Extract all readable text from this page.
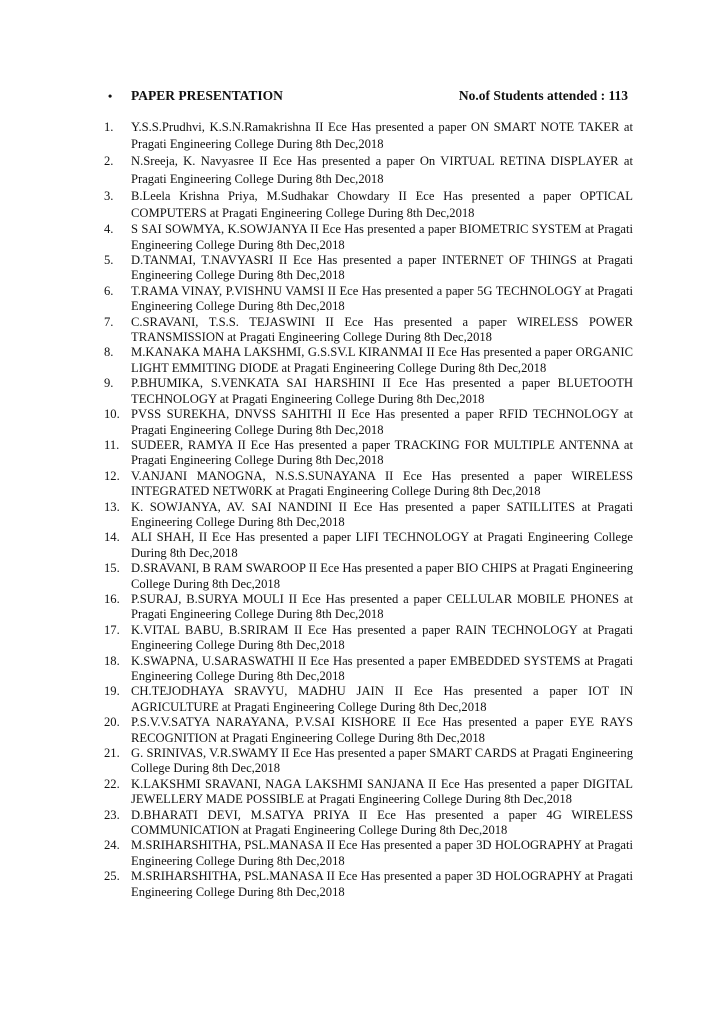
• PAPER PRESENTATION	No.of Students attended : 113
1.	Y.S.S.Prudhvi, K.S.N.Ramakrishna II Ece Has presented a paper ON SMART NOTE TAKER at Pragati Engineering College During 8th Dec,2018
2.	N.Sreeja, K. Navyasree II Ece Has presented a paper On VIRTUAL RETINA DISPLAYER at Pragati Engineering College During 8th Dec,2018
3.	B.Leela Krishna Priya, M.Sudhakar Chowdary II Ece Has presented a paper OPTICAL COMPUTERS at Pragati Engineering College During 8th Dec,2018
4.	S SAI SOWMYA, K.SOWJANYA II Ece Has presented a paper BIOMETRIC SYSTEM at Pragati Engineering College During 8th Dec,2018
5.	D.TANMAI, T.NAVYASRI II Ece Has presented a paper INTERNET OF THINGS at Pragati Engineering College During 8th Dec,2018
6.	T.RAMA VINAY, P.VISHNU VAMSI II Ece Has presented a paper 5G TECHNOLOGY at Pragati Engineering College During 8th Dec,2018
7.	C.SRAVANI, T.S.S. TEJASWINI II Ece Has presented a paper WIRELESS POWER TRANSMISSION at Pragati Engineering College During 8th Dec,2018
8.	M.KANAKA MAHA LAKSHMI, G.S.SV.L KIRANMAI II Ece Has presented a paper ORGANIC LIGHT EMMITING DIODE at Pragati Engineering College During 8th Dec,2018
9.	P.BHUMIKA, S.VENKATA SAI HARSHINI II Ece Has presented a paper BLUETOOTH TECHNOLOGY at Pragati Engineering College During 8th Dec,2018
10. PVSS SUREKHA, DNVSS SAHITHI II Ece Has presented a paper RFID TECHNOLOGY at Pragati Engineering College During 8th Dec,2018
11. SUDEER, RAMYA II Ece Has presented a paper TRACKING FOR MULTIPLE ANTENNA at Pragati Engineering College During 8th Dec,2018
12. V.ANJANI MANOGNA, N.S.S.SUNAYANA II Ece Has presented a paper WIRELESS INTEGRATED NETW0RK at Pragati Engineering College During 8th Dec,2018
13. K. SOWJANYA, AV. SAI NANDINI II Ece Has presented a paper SATILLITES at Pragati Engineering College During 8th Dec,2018
14. ALI SHAH, II Ece Has presented a paper LIFI TECHNOLOGY at Pragati Engineering College During 8th Dec,2018
15. D.SRAVANI, B RAM SWAROOP II Ece Has presented a paper BIO CHIPS at Pragati Engineering College During 8th Dec,2018
16. P.SURAJ, B.SURYA MOULI II Ece Has presented a paper CELLULAR MOBILE PHONES at Pragati Engineering College During 8th Dec,2018
17. K.VITAL BABU, B.SRIRAM II Ece Has presented a paper RAIN TECHNOLOGY at Pragati Engineering College During 8th Dec,2018
18. K.SWAPNA, U.SARASWATHI II Ece Has presented a paper EMBEDDED SYSTEMS at Pragati Engineering College During 8th Dec,2018
19. CH.TEJODHAYA SRAVYU, MADHU JAIN II Ece Has presented a paper IOT IN AGRICULTURE at Pragati Engineering College During 8th Dec,2018
20. P.S.V.V.SATYA NARAYANA, P.V.SAI KISHORE II Ece Has presented a paper EYE RAYS RECOGNITION at Pragati Engineering College During 8th Dec,2018
21. G. SRINIVAS, V.R.SWAMY II Ece Has presented a paper SMART CARDS at Pragati Engineering College During 8th Dec,2018
22. K.LAKSHMI SRAVANI, NAGA LAKSHMI SANJANA II Ece Has presented a paper DIGITAL JEWELLERY MADE POSSIBLE at Pragati Engineering College During 8th Dec,2018
23. D.BHARATI DEVI, M.SATYA PRIYA II Ece Has presented a paper 4G WIRELESS COMMUNICATION at Pragati Engineering College During 8th Dec,2018
24. M.SRIHARSHITHA, PSL.MANASA II Ece Has presented a paper 3D HOLOGRAPHY at Pragati Engineering College During 8th Dec,2018
25. M.SRIHARSHITHA, PSL.MANASA II Ece Has presented a paper 3D HOLOGRAPHY at Pragati Engineering College During 8th Dec,2018
